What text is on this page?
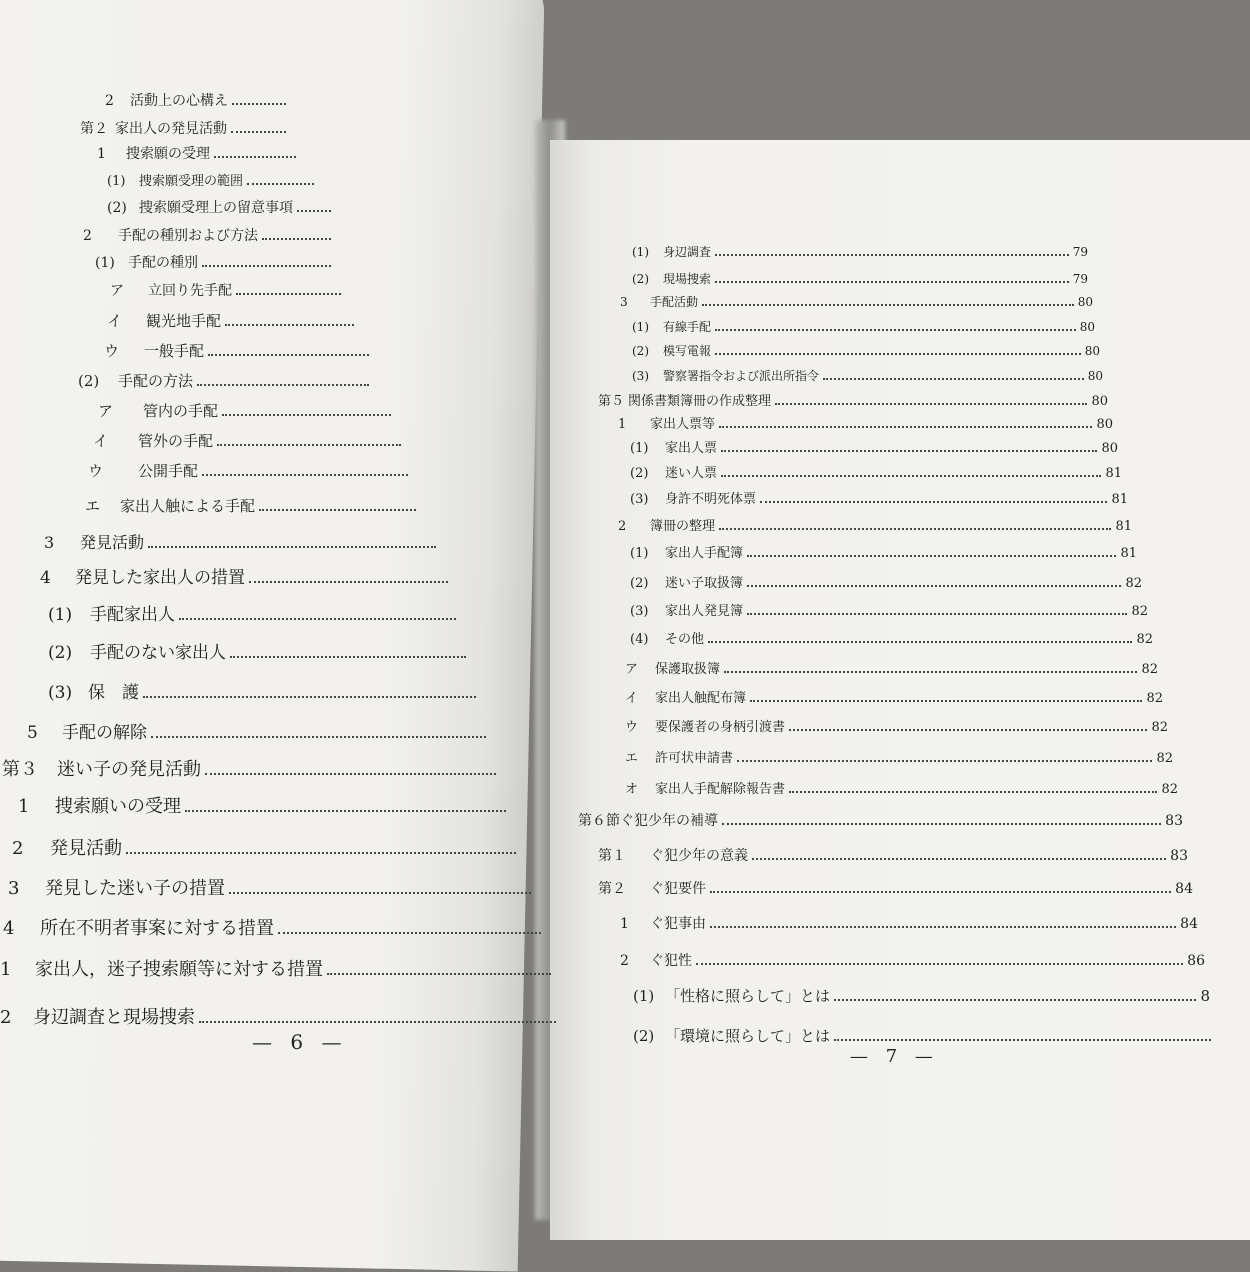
2	活動上の心構え
第２ 家出人の発見活動
1	捜索願の受理
(1)	捜索願受理の範囲
(2) 捜索願受理上の留意事項
2	手配の種別および方法
(1) 手配の種別
ア	立回り先手配
イ	観光地手配
ウ	一般手配
(2)	手配の方法
ア	管内の手配
イ	管外の手配
ウ	公開手配
エ	家出人触による手配
3	発見活動
4	発見した家出人の措置
(1)	手配家出人
(2)	手配のない家出人
(3) 保　護
5	手配の解除
第３	迷い子の発見活動
1	捜索願いの受理
2	発見活動
3	発見した迷い子の措置
4	所在不明者事案に対する措置
1	家出人，迷子捜索願等に対する措置
2	身辺調査と現場捜索
(1)	身辺調査	79
(2)	現場捜索	79
3	手配活動	80
(1)	有線手配	80
(2)	模写電報	80
(3)	警察署指令および派出所指令	80
第５ 関係書類簿冊の作成整理	80
1	家出人票等	80
(1)	家出人票	80
(2)	迷い人票	81
(3)	身許不明死体票	81
2	簿冊の整理	81
(1)	家出人手配簿	81
(2)	迷い子取扱簿	82
(3)	家出人発見簿	82
(4)	その他	82
ア	保護取扱簿	82
イ	家出人触配布簿	82
ウ	要保護者の身柄引渡書	82
エ	許可状申請書	82
オ	家出人手配解除報告書	82
第６節 ぐ犯少年の補導	83
第１	ぐ犯少年の意義	83
第２	ぐ犯要件	84
1	ぐ犯事由	84
2	ぐ犯性	86
(1) 「性格に照らして」とは	8
(2) 「環境に照らして」とは
— 6 —
— 7 —
